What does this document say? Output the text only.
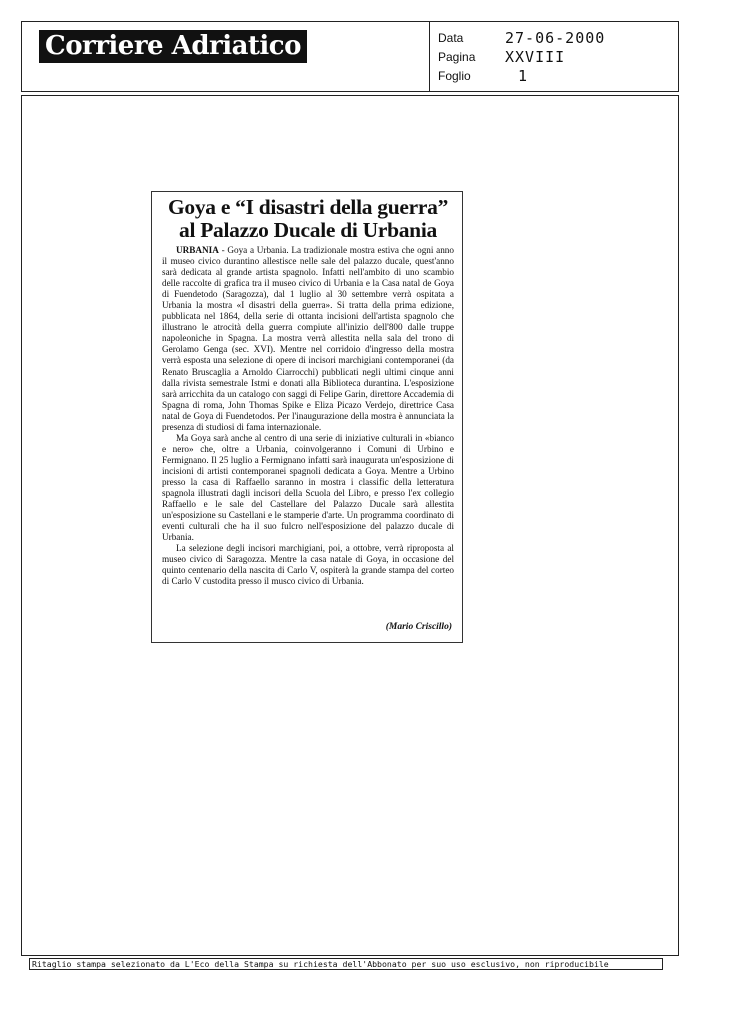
Corriere Adriatico	Data	27-06-2000
Pagina XXVIII
Foglio	1
Goya e “I disastri della guerra”
al Palazzo Ducale di Urbania

URBANIA - Goya a Urbania. La tradizionale mostra estiva che ogni anno il museo civico durantino allestisce nelle sale del palazzo ducale, quest'anno sarà dedicata al grande artista spagnolo. Infatti nell'ambito di uno scambio delle raccolte di grafica tra il museo civico di Urbania e la Casa natal de Goya di Fuendetodo (Saragozza), dal 1 luglio al 30 settembre verrà ospitata a Urbania la mostra «I disastri della guerra». Si tratta della prima edizione, pubblicata nel 1864, della serie di ottanta incisioni dell'artista spagnolo che illustrano le atrocità della guerra compiute all'inizio dell'800 dalle truppe napoleoniche in Spagna. La mostra verrà allestita nella sala del trono di Gerolamo Genga (sec. XVI). Mentre nel corridoio d'ingresso della mostra verrà esposta una selezione di opere di incisori marchigiani contemporanei (da Renato Bruscaglia a Arnoldo Ciarrocchi) pubblicati negli ultimi cinque anni dalla rivista semestrale Istmi e donati alla Biblioteca durantina. L'esposizione sarà arricchita da un catalogo con saggi di Felipe Garin, direttore Accademia di Spagna di roma, John Thomas Spike e Eliza Picazo Verdejo, direttrice Casa natal de Goya di Fuendetodos. Per l'inaugurazione della mostra è annunciata la presenza di studiosi di fama internazionale.

Ma Goya sarà anche al centro di una serie di iniziative culturali in «bianco e nero» che, oltre a Urbania, coinvolgeranno i Comuni di Urbino e Fermignano. Il 25 luglio a Fermignano infatti sarà inaugurata un'esposizione di incisioni di artisti contemporanei spagnoli dedicata a Goya. Mentre a Urbino presso la casa di Raffaello saranno in mostra i classific della letteratura spagnola illustrati dagli incisori della Scuola del Libro, e presso l'ex collegio Raffaello e le sale del Castellare del Palazzo Ducale sarà allestita un'esposizione su Castellani e le stamperie d'arte. Un programma coordinato di eventi culturali che ha il suo fulcro nell'esposizione del palazzo ducale di Urbania.

La selezione degli incisori marchigiani, poi, a ottobre, verrà riproposta al museo civico di Saragozza. Mentre la casa natale di Goya, in occasione del quinto centenario della nascita di Carlo V, ospiterà la grande stampa del corteo di Carlo V custodita presso il musco civico di Urbania.

(Mario Criscillo)
Ritaglio stampa selezionato da L'Eco della Stampa su richiesta dell'Abbonato per suo uso esclusivo, non riproducibile
